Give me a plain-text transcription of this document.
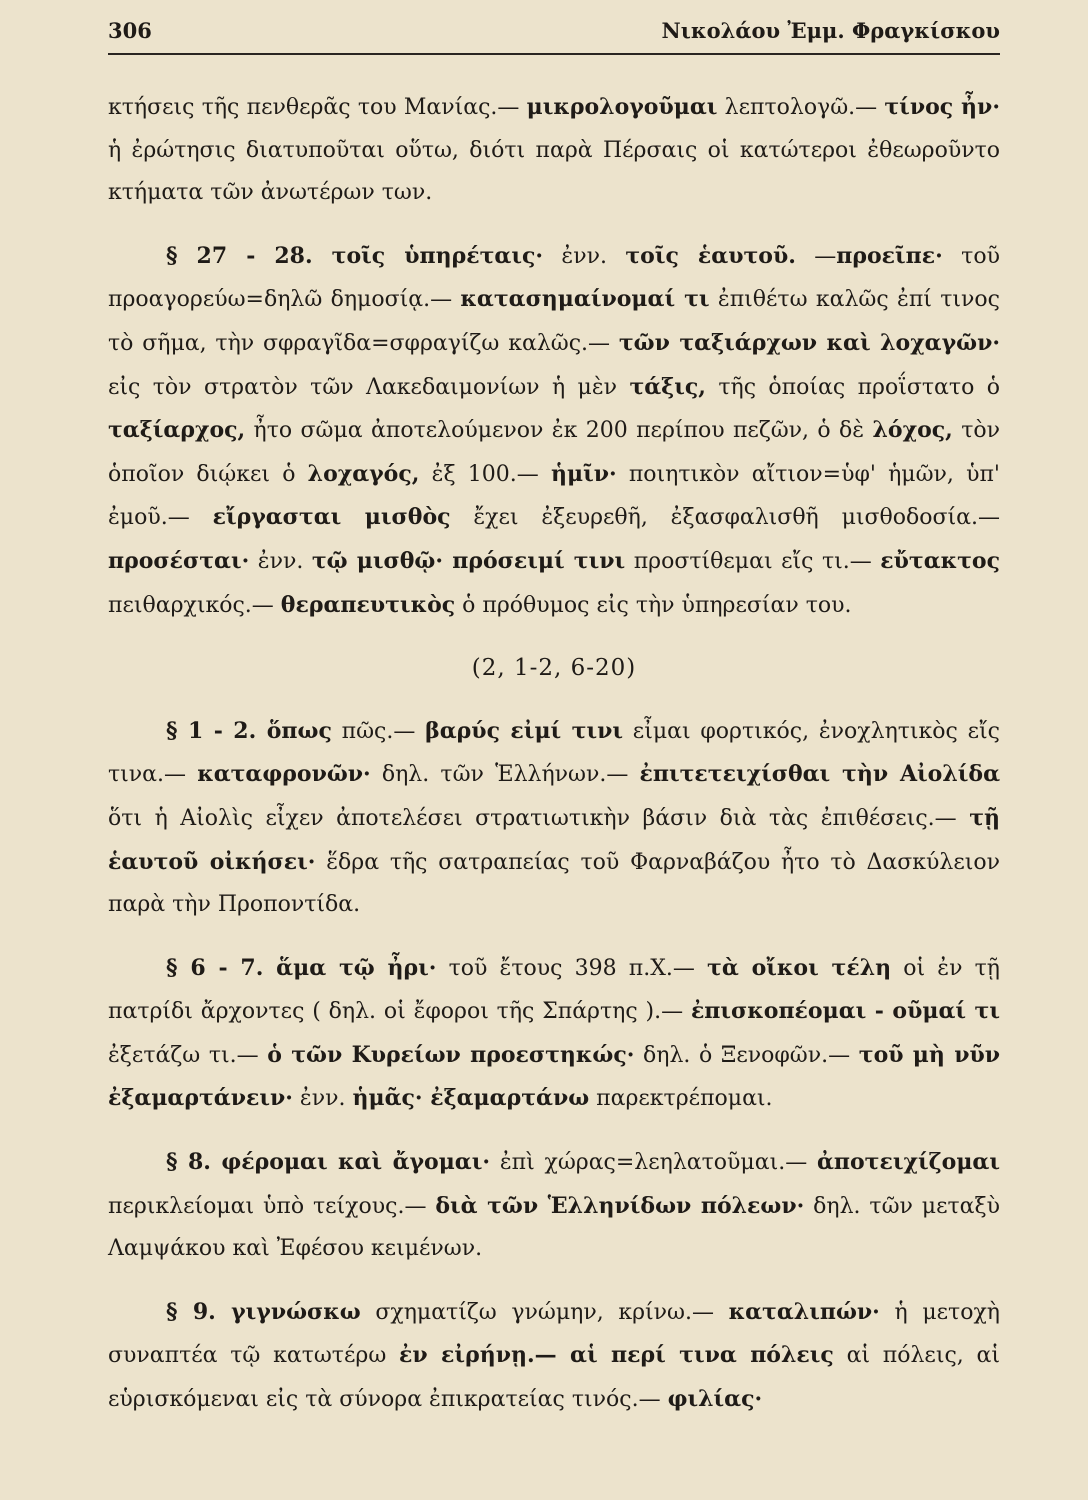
306	Νικολάου Ἐμμ. Φραγκίσκου

κτήσεις τῆς πενθερᾶς του Μανίας.— μικρολογοῦμαι λεπτολογῶ.— τίνος ἦν· ἡ ἐρώτησις διατυποῦται οὕτω, διότι παρὰ Πέρσαις οἱ κατώτεροι ἐθεωροῦντο κτήματα τῶν ἀνωτέρων των.

§ 27 - 28. τοῖς ὑπηρέταις· ἐνν. τοῖς ἑαυτοῦ. —προεῖπε· τοῦ προαγορεύω=δηλῶ δημοσίᾳ.— κατασημαίνομαί τι ἐπιθέτω καλῶς ἐπί τινος τὸ σῆμα, τὴν σφραγῖδα=σφραγίζω καλῶς.— τῶν ταξιάρχων καὶ λοχαγῶν· εἰς τὸν στρατὸν τῶν Λακεδαιμονίων ἡ μὲν τάξις, τῆς ὁποίας προΐστατο ὁ ταξίαρχος, ἦτο σῶμα ἀποτελούμενον ἐκ 200 περίπου πεζῶν, ὁ δὲ λόχος, τὸν ὁποῖον διῴκει ὁ λοχαγός, ἐξ 100.— ἡμῖν· ποιητικὸν αἴτιον=ὑφ' ἡμῶν, ὑπ' ἐμοῦ.— εἴργασται μισθὸς ἔχει ἐξευρεθῆ, ἐξασφαλισθῆ μισθοδοσία.— προσέσται· ἐνν. τῷ μισθῷ· πρόσειμί τινι προστίθεμαι εἴς τι.— εὔτακτος πειθαρχικός.— θεραπευτικὸς ὁ πρόθυμος εἰς τὴν ὑπηρεσίαν του.

(2, 1-2, 6-20)

§ 1 - 2. ὅπως πῶς.— βαρύς εἰμί τινι εἶμαι φορτικός, ἐνοχλητικὸς εἴς τινα.— καταφρονῶν· δηλ. τῶν Ἑλλήνων.— ἐπιτετειχίσθαι τὴν Αἰολίδα ὅτι ἡ Αἰολὶς εἶχεν ἀποτελέσει στρατιωτικὴν βάσιν διὰ τὰς ἐπιθέσεις.— τῇ ἑαυτοῦ οἰκήσει· ἕδρα τῆς σατραπείας τοῦ Φαρναβάζου ἦτο τὸ Δασκύλειον παρὰ τὴν Προποντίδα.

§ 6 - 7. ἅμα τῷ ἦρι· τοῦ ἔτους 398 π.Χ.— τὰ οἴκοι τέλη οἱ ἐν τῇ πατρίδι ἄρχοντες ( δηλ. οἱ ἔφοροι τῆς Σπάρτης ).— ἐπισκοπέομαι - οῦμαί τι ἐξετάζω τι.— ὁ τῶν Κυρείων προεστηκώς· δηλ. ὁ Ξενοφῶν.— τοῦ μὴ νῦν ἐξαμαρτάνειν· ἐνν. ἡμᾶς· ἐξαμαρτάνω παρεκτρέπομαι.

§ 8. φέρομαι καὶ ἄγομαι· ἐπὶ χώρας=λεηλατοῦμαι.— ἀποτειχίζομαι περικλείομαι ὑπὸ τείχους.— διὰ τῶν Ἑλληνίδων πόλεων· δηλ. τῶν μεταξὺ Λαμψάκου καὶ Ἐφέσου κειμένων.

§ 9. γιγνώσκω σχηματίζω γνώμην, κρίνω.— καταλιπών· ἡ μετοχὴ συναπτέα τῷ κατωτέρω ἐν εἰρήνῃ.— αἱ περί τινα πόλεις αἱ πόλεις, αἱ εὑρισκόμεναι εἰς τὰ σύνορα ἐπικρατείας τινός.— φιλίας·
